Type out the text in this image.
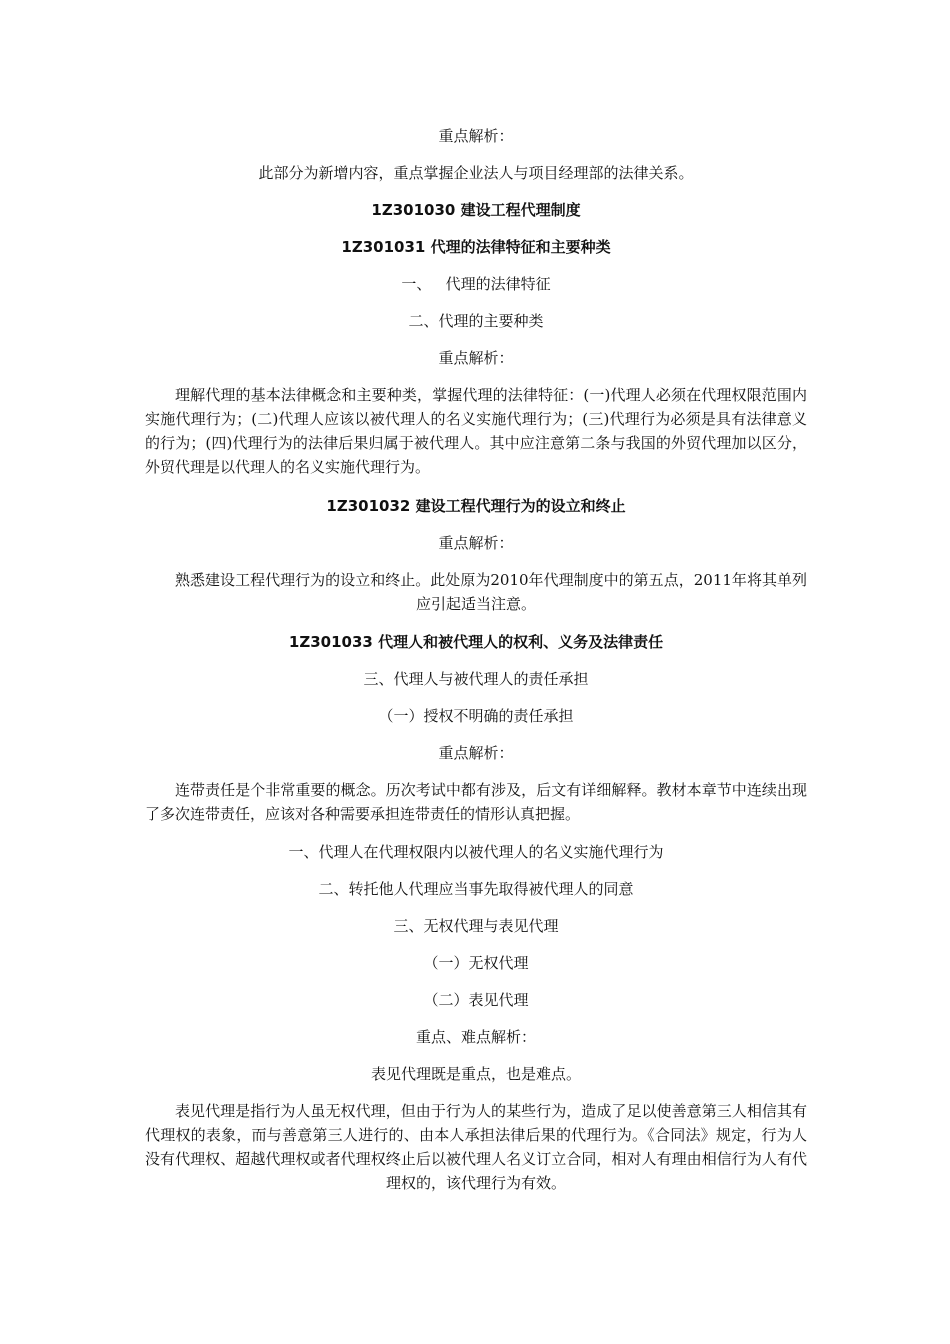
重点解析：
此部分为新增内容，重点掌握企业法人与项目经理部的法律关系。
1Z301030 建设工程代理制度
1Z301031 代理的法律特征和主要种类
一、   代理的法律特征
二、代理的主要种类
重点解析：
理解代理的基本法律概念和主要种类，掌握代理的法律特征：(一)代理人必须在代理权限范围内实施代理行为；(二)代理人应该以被代理人的名义实施代理行为；(三)代理行为必须是具有法律意义的行为；(四)代理行为的法律后果归属于被代理人。其中应注意第二条与我国的外贸代理加以区分，外贸代理是以代理人的名义实施代理行为。
1Z301032 建设工程代理行为的设立和终止
重点解析：
熟悉建设工程代理行为的设立和终止。此处原为2010年代理制度中的第五点，2011年将其单列应引起适当注意。
1Z301033 代理人和被代理人的权利、义务及法律责任
三、代理人与被代理人的责任承担
（一）授权不明确的责任承担
重点解析：
连带责任是个非常重要的概念。历次考试中都有涉及，后文有详细解释。教材本章节中连续出现了多次连带责任，应该对各种需要承担连带责任的情形认真把握。
一、代理人在代理权限内以被代理人的名义实施代理行为
二、转托他人代理应当事先取得被代理人的同意
三、无权代理与表见代理
（一）无权代理
（二）表见代理
重点、难点解析：
表见代理既是重点，也是难点。
表见代理是指行为人虽无权代理，但由于行为人的某些行为，造成了足以使善意第三人相信其有代理权的表象，而与善意第三人进行的、由本人承担法律后果的代理行为。《合同法》规定，行为人没有代理权、超越代理权或者代理权终止后以被代理人名义订立合同，相对人有理由相信行为人有代理权的，该代理行为有效。
